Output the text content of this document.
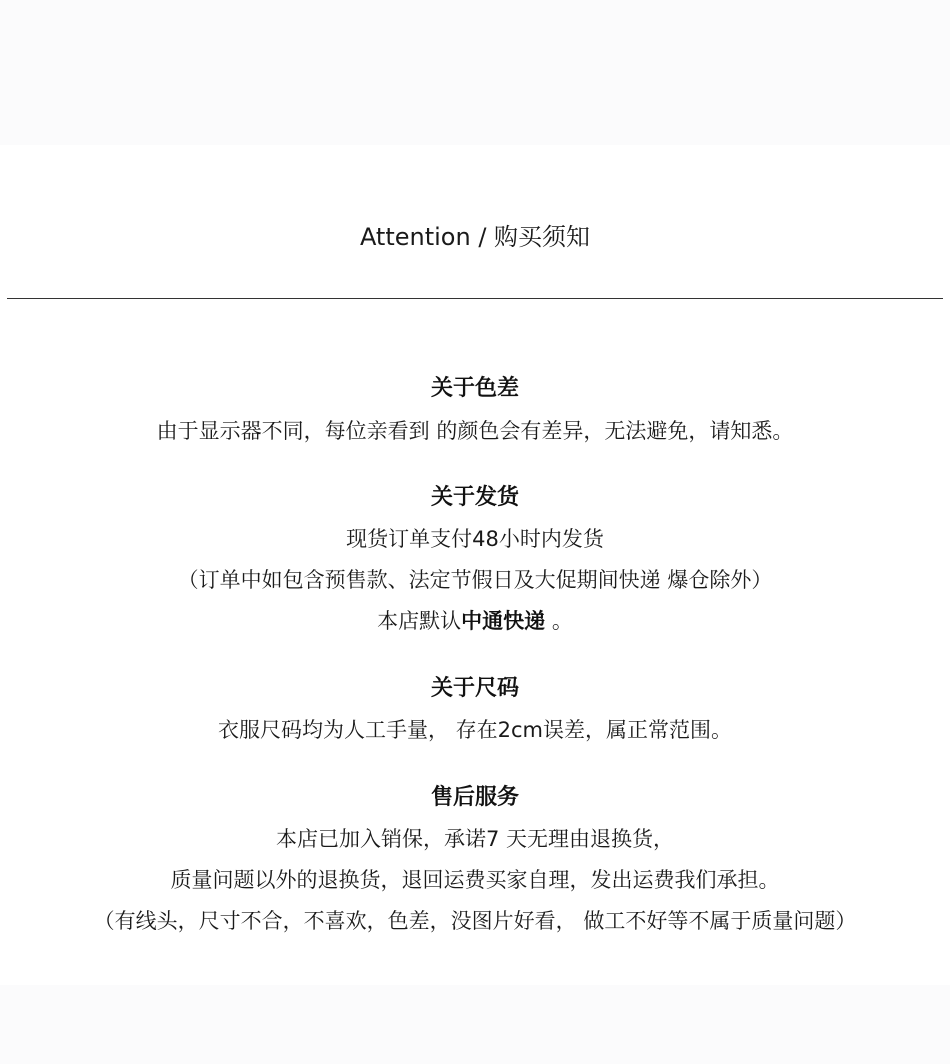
Attention / 购买须知
关于色差
由于显示器不同，每位亲看到 的颜色会有差异，无法避免，请知悉。
关于发货
现货订单支付48小时内发货
（订单中如包含预售款、法定节假日及大促期间快递 爆仓除外）
本店默认中通快递 。
关于尺码
衣服尺码均为人工手量， 存在2cm误差，属正常范围。
售后服务
本店已加入销保，承诺7 天无理由退换货，
质量问题以外的退换货，退回运费买家自理，发出运费我们承担。
（有线头，尺寸不合，不喜欢，色差，没图片好看， 做工不好等不属于质量问题）
